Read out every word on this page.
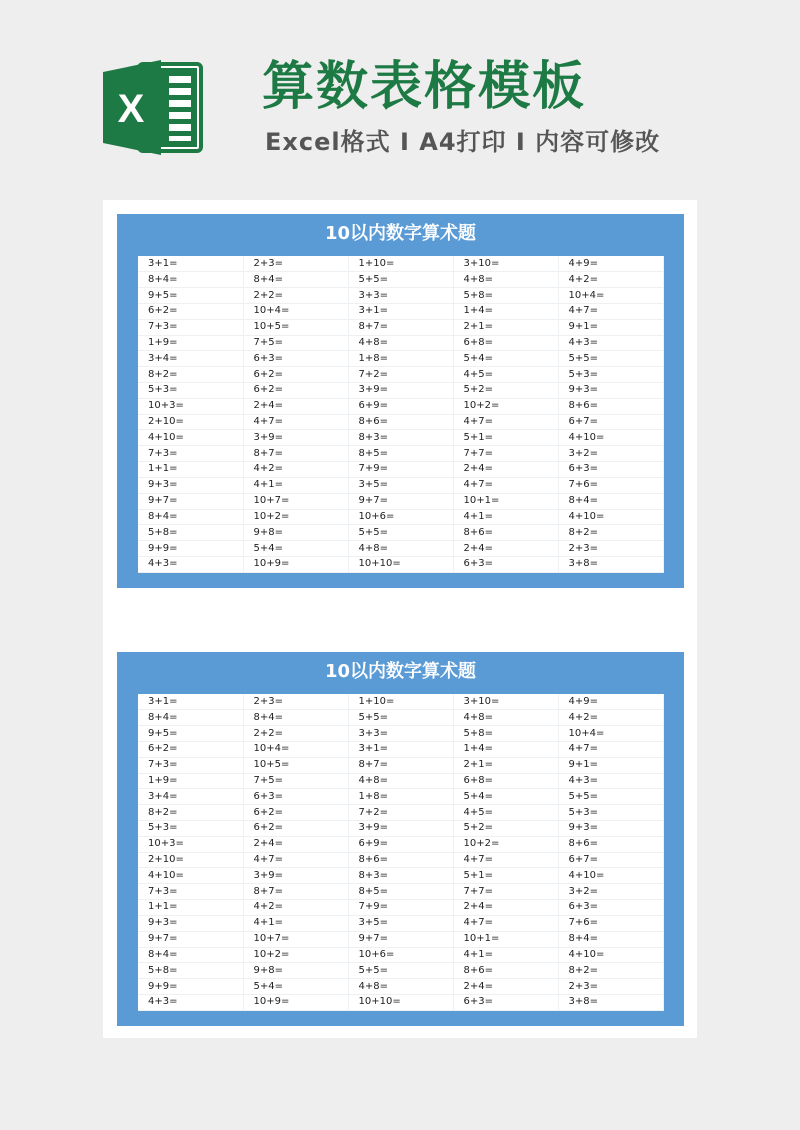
X 算数表格模板

Excel格式 I A4打印 I 内容可修改

10以内数字算术题
3+1=	2+3=	1+10=	3+10=	4+9=
8+4=	8+4=	5+5=	4+8=	4+2=
9+5=	2+2=	3+3=	5+8=	10+4=
6+2=	10+4=	3+1=	1+4=	4+7=
7+3=	10+5=	8+7=	2+1=	9+1=
1+9=	7+5=	4+8=	6+8=	4+3=
3+4=	6+3=	1+8=	5+4=	5+5=
8+2=	6+2=	7+2=	4+5=	5+3=
5+3=	6+2=	3+9=	5+2=	9+3=
10+3=	2+4=	6+9=	10+2=	8+6=
2+10=	4+7=	8+6=	4+7=	6+7=
4+10=	3+9=	8+3=	5+1=	4+10=
7+3=	8+7=	8+5=	7+7=	3+2=
1+1=	4+2=	7+9=	2+4=	6+3=
9+3=	4+1=	3+5=	4+7=	7+6=
9+7=	10+7=	9+7=	10+1=	8+4=
8+4=	10+2=	10+6=	4+1=	4+10=
5+8=	9+8=	5+5=	8+6=	8+2=
9+9=	5+4=	4+8=	2+4=	2+3=
4+3=	10+9=	10+10=	6+3=	3+8=
10以内数字算术题
3+1=	2+3=	1+10=	3+10=	4+9=
8+4=	8+4=	5+5=	4+8=	4+2=
9+5=	2+2=	3+3=	5+8=	10+4=
6+2=	10+4=	3+1=	1+4=	4+7=
7+3=	10+5=	8+7=	2+1=	9+1=
1+9=	7+5=	4+8=	6+8=	4+3=
3+4=	6+3=	1+8=	5+4=	5+5=
8+2=	6+2=	7+2=	4+5=	5+3=
5+3=	6+2=	3+9=	5+2=	9+3=
10+3=	2+4=	6+9=	10+2=	8+6=
2+10=	4+7=	8+6=	4+7=	6+7=
4+10=	3+9=	8+3=	5+1=	4+10=
7+3=	8+7=	8+5=	7+7=	3+2=
1+1=	4+2=	7+9=	2+4=	6+3=
9+3=	4+1=	3+5=	4+7=	7+6=
9+7=	10+7=	9+7=	10+1=	8+4=
8+4=	10+2=	10+6=	4+1=	4+10=
5+8=	9+8=	5+5=	8+6=	8+2=
9+9=	5+4=	4+8=	2+4=	2+3=
4+3=	10+9=	10+10=	6+3=	3+8=
